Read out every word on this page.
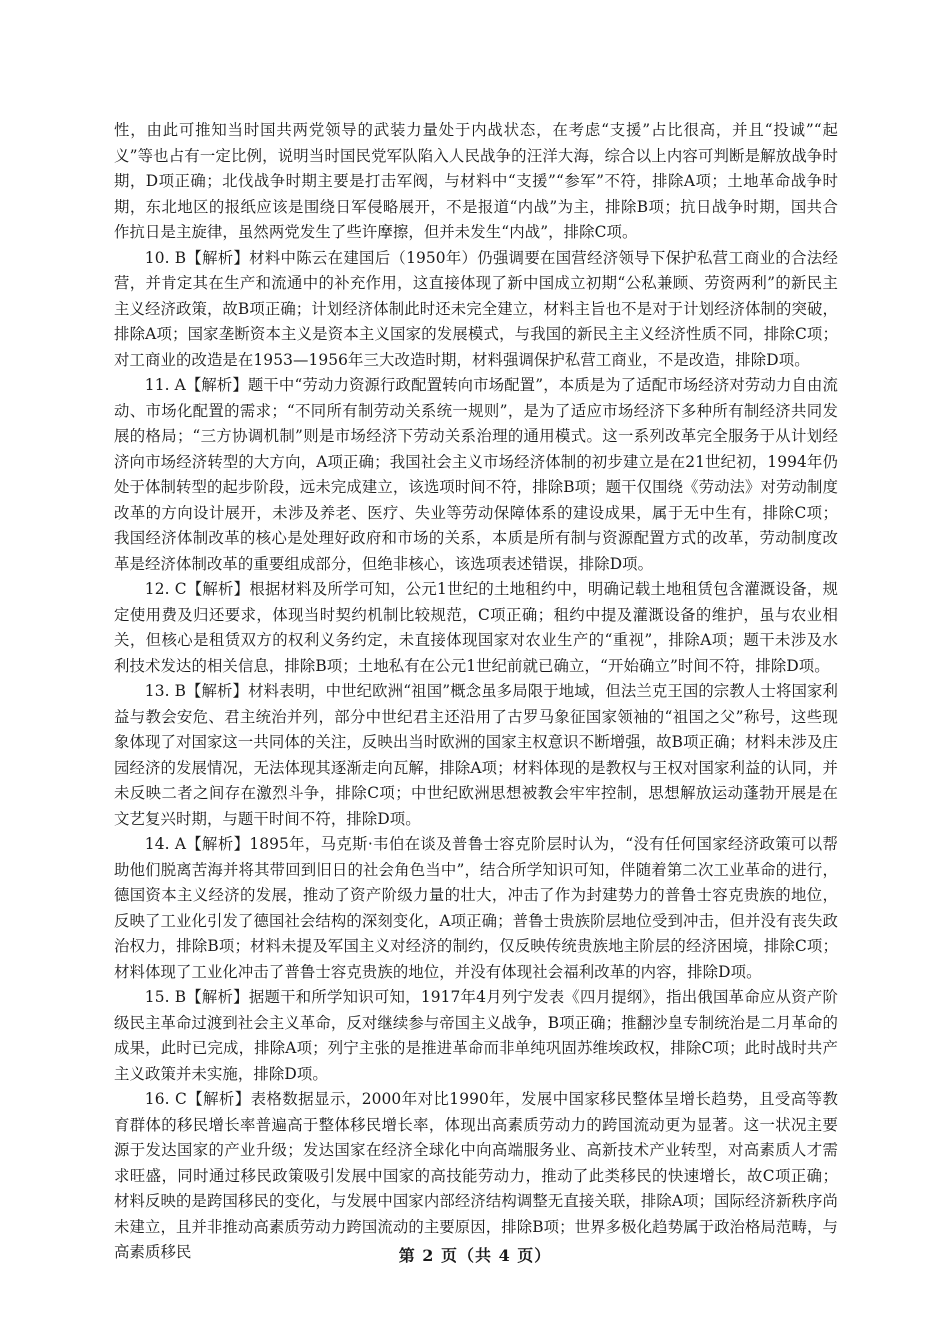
性，由此可推知当时国共两党领导的武装力量处于内战状态，在考虑“支援”占比很高，并且“投诚”“起义”等也占有一定比例，说明当时国民党军队陷入人民战争的汪洋大海，综合以上内容可判断是解放战争时期，D项正确；北伐战争时期主要是打击军阀，与材料中“支援”“参军”不符，排除A项；土地革命战争时期，东北地区的报纸应该是围绕日军侵略展开，不是报道“内战”为主，排除B项；抗日战争时期，国共合作抗日是主旋律，虽然两党发生了些许摩擦，但并未发生“内战”，排除C项。

10. B【解析】材料中陈云在建国后（1950年）仍强调要在国营经济领导下保护私营工商业的合法经营，并肯定其在生产和流通中的补充作用，这直接体现了新中国成立初期“公私兼顾、劳资两利”的新民主主义经济政策，故B项正确；计划经济体制此时还未完全建立，材料主旨也不是对于计划经济体制的突破，排除A项；国家垄断资本主义是资本主义国家的发展模式，与我国的新民主主义经济性质不同，排除C项；对工商业的改造是在1953—1956年三大改造时期，材料强调保护私营工商业，不是改造，排除D项。

11. A【解析】题干中“劳动力资源行政配置转向市场配置”，本质是为了适配市场经济对劳动力自由流动、市场化配置的需求；“不同所有制劳动关系统一规则”，是为了适应市场经济下多种所有制经济共同发展的格局；“三方协调机制”则是市场经济下劳动关系治理的通用模式。这一系列改革完全服务于从计划经济向市场经济转型的大方向，A项正确；我国社会主义市场经济体制的初步建立是在21世纪初，1994年仍处于体制转型的起步阶段，远未完成建立，该选项时间不符，排除B项；题干仅围绕《劳动法》对劳动制度改革的方向设计展开，未涉及养老、医疗、失业等劳动保障体系的建设成果，属于无中生有，排除C项；我国经济体制改革的核心是处理好政府和市场的关系，本质是所有制与资源配置方式的改革，劳动制度改革是经济体制改革的重要组成部分，但绝非核心，该选项表述错误，排除D项。

12. C【解析】根据材料及所学可知，公元1世纪的土地租约中，明确记载土地租赁包含灌溉设备，规定使用费及归还要求，体现当时契约机制比较规范，C项正确；租约中提及灌溉设备的维护，虽与农业相关，但核心是租赁双方的权利义务约定，未直接体现国家对农业生产的“重视”，排除A项；题干未涉及水利技术发达的相关信息，排除B项；土地私有在公元1世纪前就已确立，“开始确立”时间不符，排除D项。

13. B【解析】材料表明，中世纪欧洲“祖国”概念虽多局限于地域，但法兰克王国的宗教人士将国家利益与教会安危、君主统治并列，部分中世纪君主还沿用了古罗马象征国家领袖的“祖国之父”称号，这些现象体现了对国家这一共同体的关注，反映出当时欧洲的国家主权意识不断增强，故B项正确；材料未涉及庄园经济的发展情况，无法体现其逐渐走向瓦解，排除A项；材料体现的是教权与王权对国家利益的认同，并未反映二者之间存在激烈斗争，排除C项；中世纪欧洲思想被教会牢牢控制，思想解放运动蓬勃开展是在文艺复兴时期，与题干时间不符，排除D项。

14. A【解析】1895年，马克斯·韦伯在谈及普鲁士容克阶层时认为，“没有任何国家经济政策可以帮助他们脱离苦海并将其带回到旧日的社会角色当中”，结合所学知识可知，伴随着第二次工业革命的进行，德国资本主义经济的发展，推动了资产阶级力量的壮大，冲击了作为封建势力的普鲁士容克贵族的地位，反映了工业化引发了德国社会结构的深刻变化，A项正确；普鲁士贵族阶层地位受到冲击，但并没有丧失政治权力，排除B项；材料未提及军国主义对经济的制约，仅反映传统贵族地主阶层的经济困境，排除C项；材料体现了工业化冲击了普鲁士容克贵族的地位，并没有体现社会福利改革的内容，排除D项。

15. B【解析】据题干和所学知识可知，1917年4月列宁发表《四月提纲》，指出俄国革命应从资产阶级民主革命过渡到社会主义革命，反对继续参与帝国主义战争，B项正确；推翻沙皇专制统治是二月革命的成果，此时已完成，排除A项；列宁主张的是推进革命而非单纯巩固苏维埃政权，排除C项；此时战时共产主义政策并未实施，排除D项。

16. C【解析】表格数据显示，2000年对比1990年，发展中国家移民整体呈增长趋势，且受高等教育群体的移民增长率普遍高于整体移民增长率，体现出高素质劳动力的跨国流动更为显著。这一状况主要源于发达国家的产业升级；发达国家在经济全球化中向高端服务业、高新技术产业转型，对高素质人才需求旺盛，同时通过移民政策吸引发展中国家的高技能劳动力，推动了此类移民的快速增长，故C项正确；材料反映的是跨国移民的变化，与发展中国家内部经济结构调整无直接关联，排除A项；国际经济新秩序尚未建立，且并非推动高素质劳动力跨国流动的主要原因，排除B项；世界多极化趋势属于政治格局范畴，与高素质移民	第 2 页（共 4 页）
